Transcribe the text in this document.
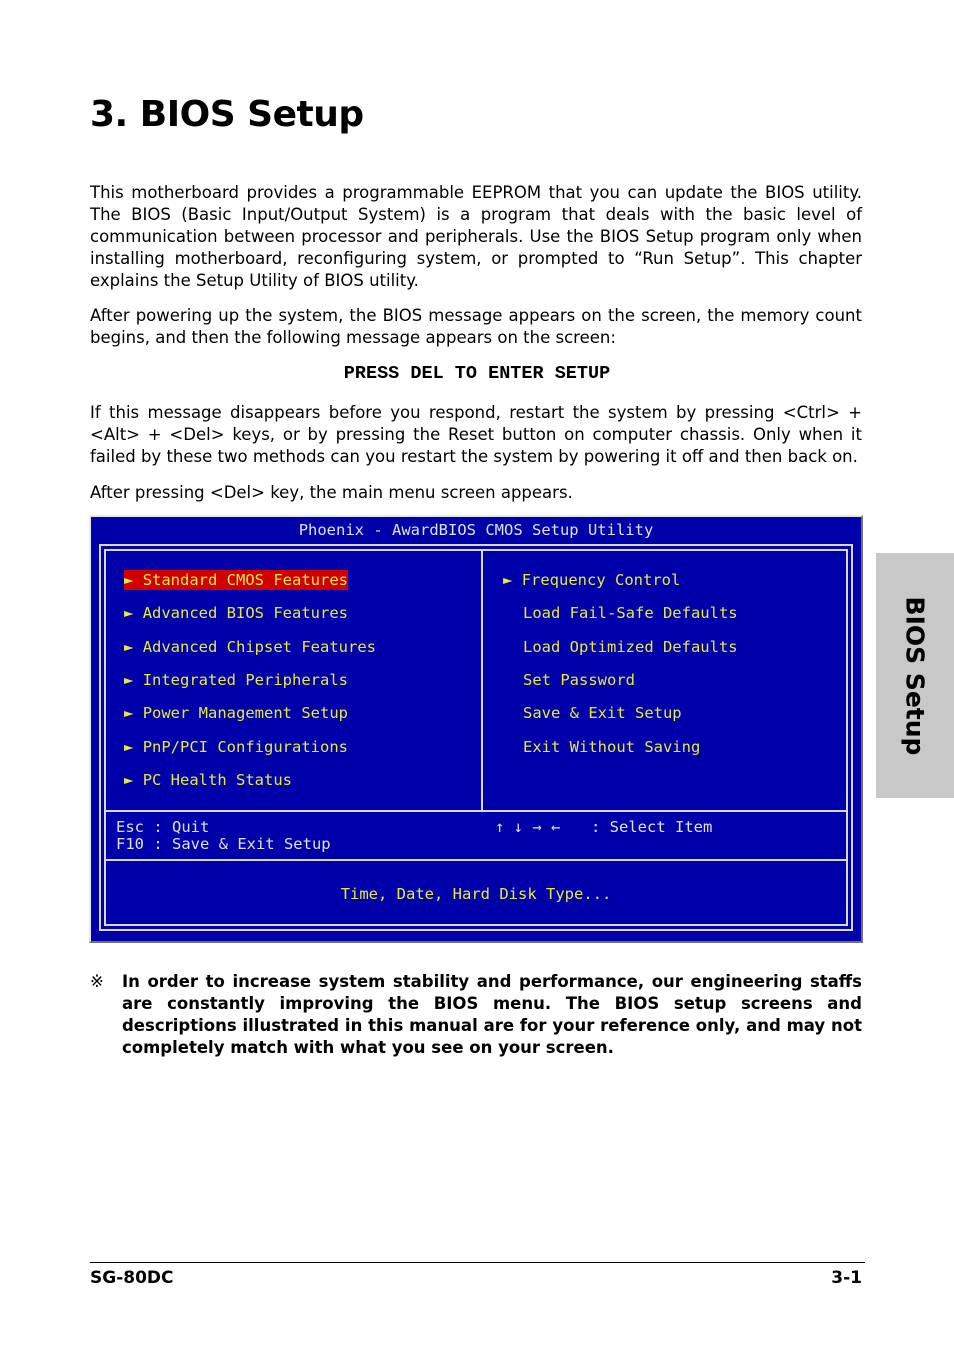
3. BIOS Setup

This motherboard provides a programmable EEPROM that you can update the BIOS utility. The BIOS (Basic Input/Output System) is a program that deals with the basic level of communication between processor and peripherals. Use the BIOS Setup program only when installing motherboard, reconfiguring system, or prompted to “Run Setup”. This chapter explains the Setup Utility of BIOS utility.

After powering up the system, the BIOS message appears on the screen, the memory count begins, and then the following message appears on the screen:

PRESS DEL TO ENTER SETUP

If this message disappears before you respond, restart the system by pressing <Ctrl> + <Alt> + <Del> keys, or by pressing the Reset button on computer chassis. Only when it failed by these two methods can you restart the system by powering it off and then back on.

After pressing <Del> key, the main menu screen appears.

BIOS Setup
Phoenix - AwardBIOS CMOS Setup Utility
► Standard CMOS Features
► Advanced BIOS Features
► Advanced Chipset Features
► Integrated Peripherals
► Power Management Setup
► PnP/PCI Configurations
► PC Health Status
► Frequency Control
Load Fail-Safe Defaults
Load Optimized Defaults
Set Password
Save & Exit Setup
Exit Without Saving
Esc : Quit
F10 : Save & Exit Setup
↑ ↓ → ← : Select Item
Time, Date, Hard Disk Type...
※ In order to increase system stability and performance, our engineering staffs are constantly improving the BIOS menu. The BIOS setup screens and descriptions illustrated in this manual are for your reference only, and may not completely match with what you see on your screen.

SG-80DC	3-1
